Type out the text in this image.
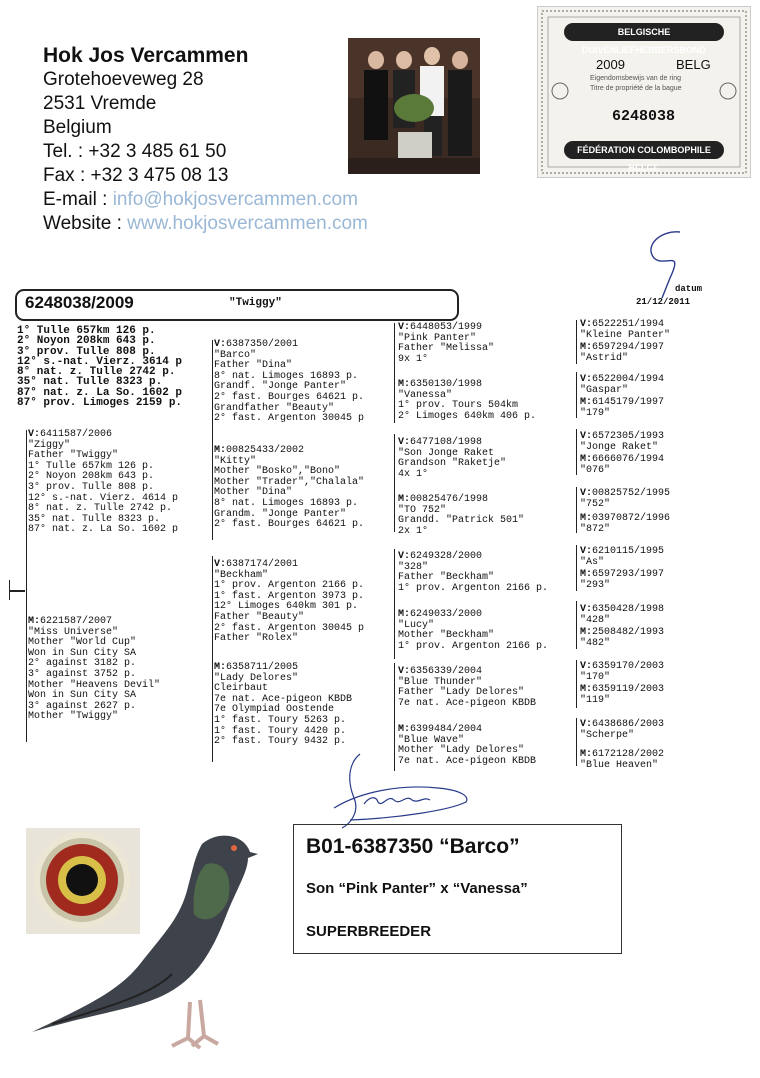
Hok Jos Vercammen
Grotehoeveweg 28
2531 Vremde
Belgium
Tel. : +32 3 485 61 50
Fax : +32 3 475 08 13
E-mail : info@hokjosvercammen.com
Website : www.hokjosvercammen.com
BELGISCHE DUIVENLIEFHEBBERSBOND
2009	BELG
Eigendomsbewijs van de ring
Titre de propriété de la bague
6248038
FÉDÉRATION COLOMBOPHILE BELGE
6248038/2009	"Twiggy"
datum
21/12/2011
1° Tulle 657km 126 p.
2° Noyon 208km 643 p.
3° prov. Tulle 808 p.
12° s.-nat. Vierz. 3614 p
8° nat. z. Tulle 2742 p.
35° nat. Tulle 8323 p.
87° nat. z. La So. 1602 p
87° prov. Limoges 2159 p.
V:6411587/2006
"Ziggy"
Father "Twiggy"
1° Tulle 657km 126 p.
2° Noyon 208km 643 p.
3° prov. Tulle 808 p.
12° s.-nat. Vierz. 4614 p
8° nat. z. Tulle 2742 p.
35° nat. Tulle 8323 p.
87° nat. z. La So. 1602 p
M:6221587/2007
"Miss Universe"
Mother "World Cup"
Won in Sun City SA
2° against 3182 p.
3° against 3752 p.
Mother "Heavens Devil"
Won in Sun City SA
3° against 2627 p.
Mother "Twiggy"
V:6387350/2001
"Barco"
Father "Dina"
8° nat. Limoges 16893 p.
Grandf. "Jonge Panter"
2° fast. Bourges 64621 p.
Grandfather "Beauty"
2° fast. Argenton 30045 p
M:00825433/2002
"Kitty"
Mother "Bosko","Bono"
Mother "Trader","Chalala"
Mother "Dina"
8° nat. Limoges 16893 p.
Grandm. "Jonge Panter"
2° fast. Bourges 64621 p.
V:6387174/2001
"Beckham"
1° prov. Argenton 2166 p.
1° fast. Argenton 3973 p.
12° Limoges 640km 301 p.
Father "Beauty"
2° fast. Argenton 30045 p
Father "Rolex"
M:6358711/2005
"Lady Delores"
Cleirbaut
7e nat. Ace-pigeon KBDB
7e Olympiad Oostende
1° fast. Toury 5263 p.
1° fast. Toury 4420 p.
2° fast. Toury 9432 p.
V:6448053/1999
"Pink Panter"
Father "Melissa"
9x 1°
M:6350130/1998
"Vanessa"
1° prov. Tours 504km
2° Limoges 640km 406 p.
V:6477108/1998
"Son Jonge Raket
Grandson "Raketje"
4x 1°
M:00825476/1998
"TO 752"
Grandd. "Patrick 501"
2x 1°
V:6249328/2000
"328"
Father "Beckham"
1° prov. Argenton 2166 p.
M:6249033/2000
"Lucy"
Mother "Beckham"
1° prov. Argenton 2166 p.
V:6356339/2004
"Blue Thunder"
Father "Lady Delores"
7e nat. Ace-pigeon KBDB
M:6399484/2004
"Blue Wave"
Mother "Lady Delores"
7e nat. Ace-pigeon KBDB
V:6522251/1994
"Kleine Panter"
M:6597294/1997
"Astrid"
V:6522004/1994
"Gaspar"
M:6145179/1997
"179"
V:6572305/1993
"Jonge Raket"
M:6666076/1994
"076"
V:00825752/1995
"752"
M:03970872/1996
"872"
V:6210115/1995
"As"
M:6597293/1997
"293"
V:6350428/1998
"428"
M:2508482/1993
"482"
V:6359170/2003
"170"
M:6359119/2003
"119"
V:6438686/2003
"Scherpe"
M:6172128/2002
"Blue Heaven"
B01-6387350 “Barco”
Son “Pink Panter” x “Vanessa”
SUPERBREEDER
